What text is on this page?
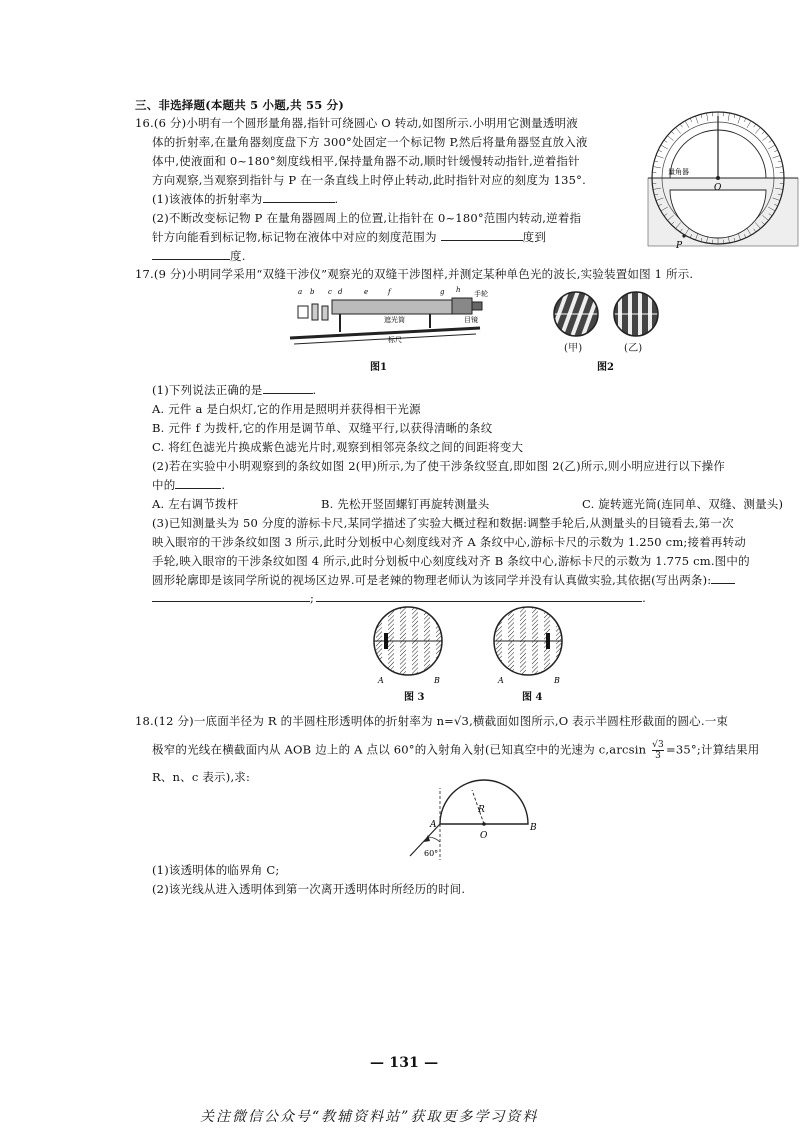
三、非选择题(本题共 5 小题,共 55 分)
16.(6 分)小明有一个圆形量角器,指针可绕圆心 O 转动,如图所示.小明用它测量透明液
体的折射率,在量角器刻度盘下方 300°处固定一个标记物 P,然后将量角器竖直放入液
体中,使液面和 0~180°刻度线相平,保持量角器不动,顺时针缓慢转动指针,逆着指针
方向观察,当观察到指针与 P 在一条直线上时停止转动,此时指针对应的刻度为 135°.
(1)该液体的折射率为	.
(2)不断改变标记物 P 在量角器圆周上的位置,让指针在 0~180°范围内转动,逆着指
针方向能看到标记物,标记物在液体中对应的刻度范围为	度到
度.
量角器
O
P
17.(9 分)小明同学采用“双缝干涉仪”观察光的双缝干涉图样,并测定某种单色光的波长,实验装置如图 1 所示.
a b c d	e	f	g h 手轮
遮光筒	目镜
标尺
图1
(甲)	(乙)
图2
(1)下列说法正确的是	.
A. 元件 a 是白炽灯,它的作用是照明并获得相干光源
B. 元件 f 为拨杆,它的作用是调节单、双缝平行,以获得清晰的条纹
C. 将红色滤光片换成紫色滤光片时,观察到相邻亮条纹之间的间距将变大
(2)若在实验中小明观察到的条纹如图 2(甲)所示,为了使干涉条纹竖直,即如图 2(乙)所示,则小明应进行以下操作
中的	.
A. 左右调节拨杆	B. 先松开竖固螺钉再旋转测量头	C. 旋转遮光筒(连同单、双缝、测量头)
(3)已知测量头为 50 分度的游标卡尺,某同学描述了实验大概过程和数据:调整手轮后,从测量头的目镜看去,第一次
映入眼帘的干涉条纹如图 3 所示,此时分划板中心刻度线对齐 A 条纹中心,游标卡尺的示数为 1.250 cm;接着再转动
手轮,映入眼帘的干涉条纹如图 4 所示,此时分划板中心刻度线对齐 B 条纹中心,游标卡尺的示数为 1.775 cm.图中的
圆形轮廓即是该同学所说的视场区边界.可是老辣的物理老师认为该同学并没有认真做实验,其依据(写出两条):
;	.
A	B	A	B
图 3	图 4
18.(12 分)一底面半径为 R 的半圆柱形透明体的折射率为 n=√3,横截面如图所示,O 表示半圆柱形截面的圆心.一束
极窄的光线在横截面内从 AOB 边上的 A 点以 60°的入射角入射(已知真空中的光速为 $c,\arcsin \frac{√3}{3} =35^\circ$;计算结果用
R、n、c 表示),求:
A	B
O
R
60°
(1)该透明体的临界角 C;
(2)该光线从进入透明体到第一次离开透明体时所经历的时间.
— 131 —
关注微信公众号“教辅资料站”获取更多学习资料
